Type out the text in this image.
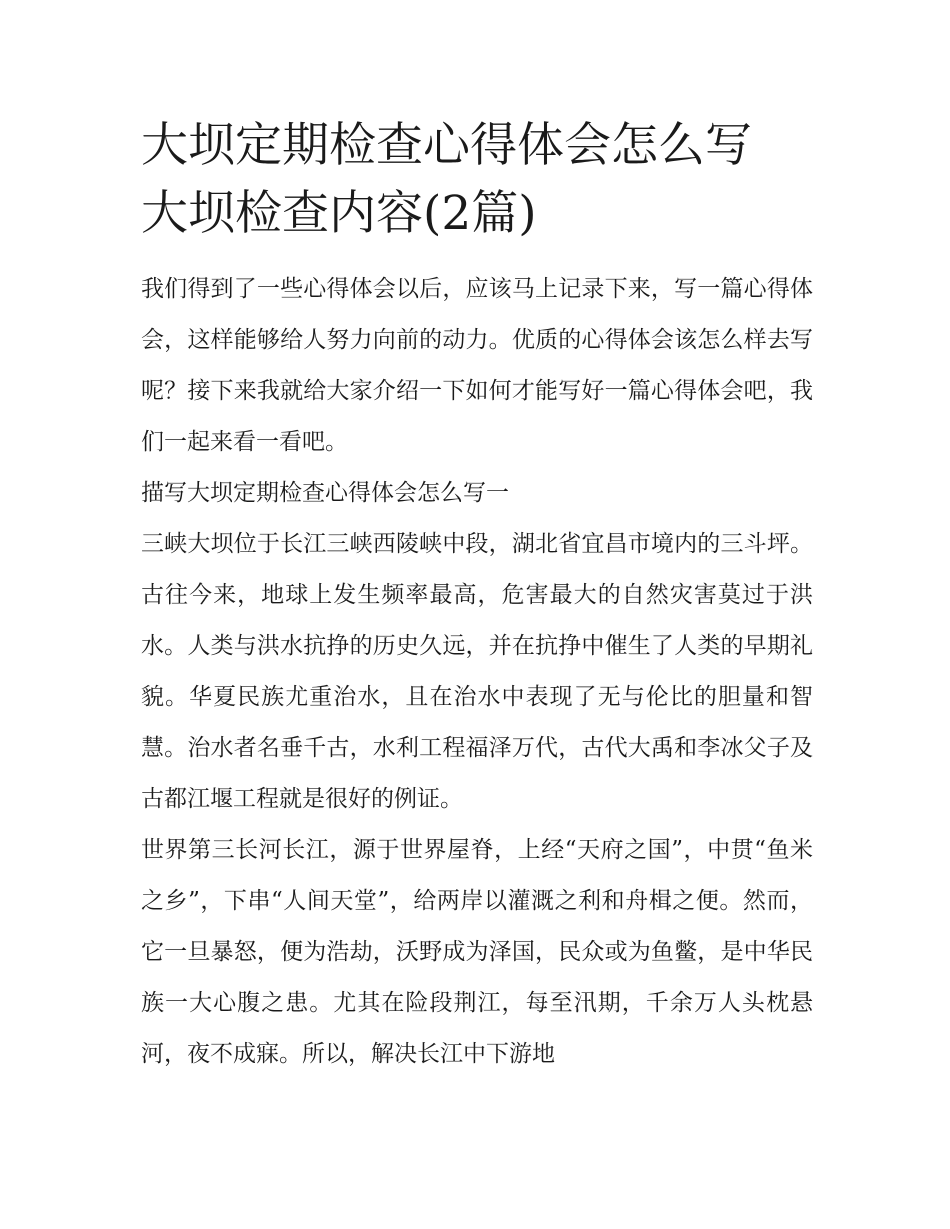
大坝定期检查心得体会怎么写
大坝检查内容(2篇)

我们得到了一些心得体会以后，应该马上记录下来，写一篇心得体会，这样能够给人努力向前的动力。优质的心得体会该怎么样去写呢？接下来我就给大家介绍一下如何才能写好一篇心得体会吧，我们一起来看一看吧。

描写大坝定期检查心得体会怎么写一

三峡大坝位于长江三峡西陵峡中段，湖北省宜昌市境内的三斗坪。古往今来，地球上发生频率最高，危害最大的自然灾害莫过于洪水。人类与洪水抗挣的历史久远，并在抗挣中催生了人类的早期礼貌。华夏民族尤重治水，且在治水中表现了无与伦比的胆量和智慧。治水者名垂千古，水利工程福泽万代，古代大禹和李冰父子及古都江堰工程就是很好的例证。

世界第三长河长江，源于世界屋脊，上经“天府之国”，中贯“鱼米之乡”，下串“人间天堂”，给两岸以灌溉之利和舟楫之便。然而，它一旦暴怒，便为浩劫，沃野成为泽国，民众或为鱼鳖，是中华民族一大心腹之患。尤其在险段荆江，每至汛期，千余万人头枕悬河，夜不成寐。所以，解决长江中下游地
